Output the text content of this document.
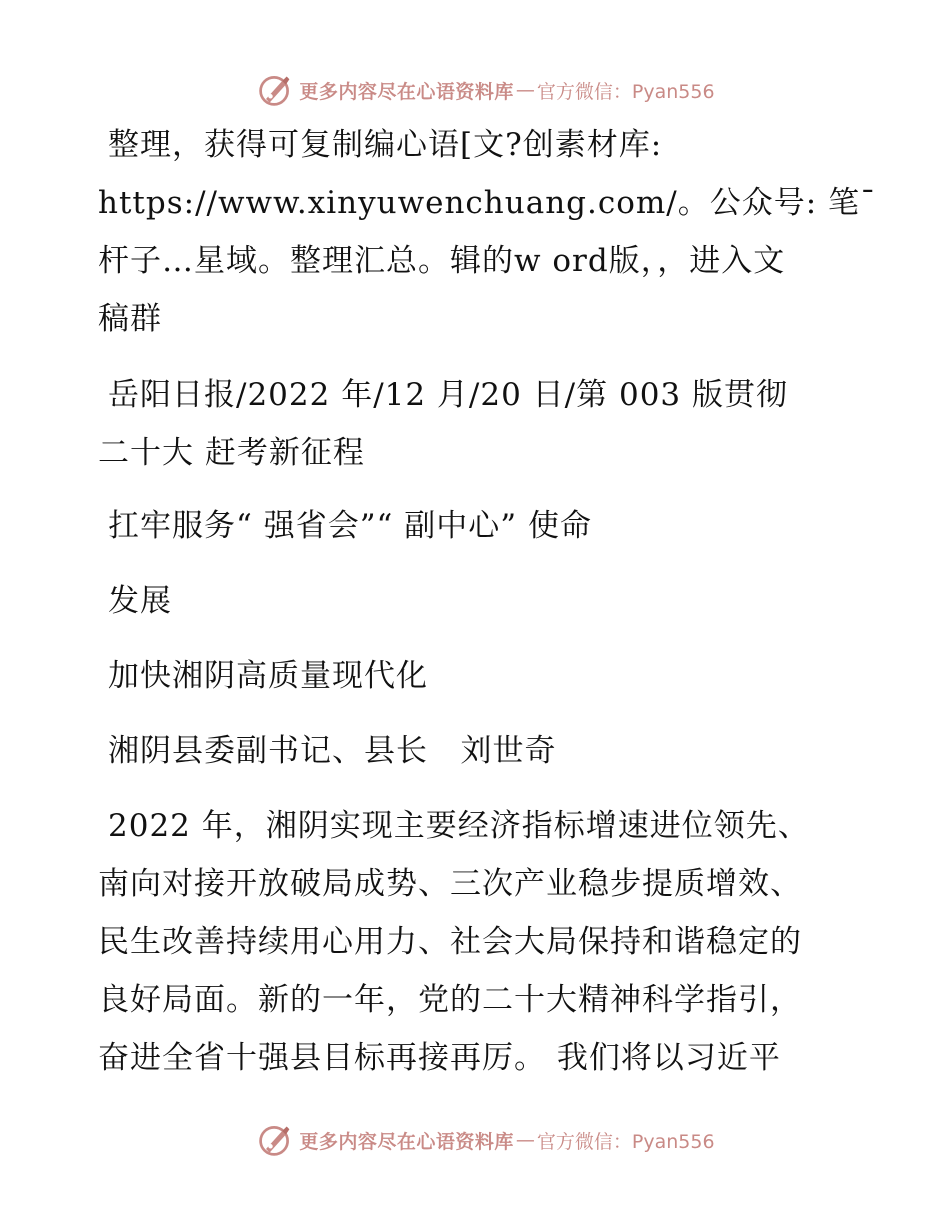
更多内容尽在心语资料库 — 官方微信：Pyan556
整理，获得可复制编心语[文?创素材库:
https://www.xinyuwenchuang.com/。公众号: 笔¯
杆子…星域。整理汇总。辑的w ord版，，进入文
稿群
岳阳日报/2022 年/12 月/20 日/第 003 版贯彻
二十大 赶考新征程
扛牢服务“ 强省会”“ 副中心” 使命
发展
加快湘阴高质量现代化
湘阴县委副书记、县长   刘世奇
2022 年，湘阴实现主要经济指标增速进位领先、
南向对接开放破局成势、三次产业稳步提质增效、
民生改善持续用心用力、社会大局保持和谐稳定的
良好局面。新的一年，党的二十大精神科学指引，
奋进全省十强县目标再接再厉。 我们将以习近平
更多内容尽在心语资料库 — 官方微信：Pyan556
